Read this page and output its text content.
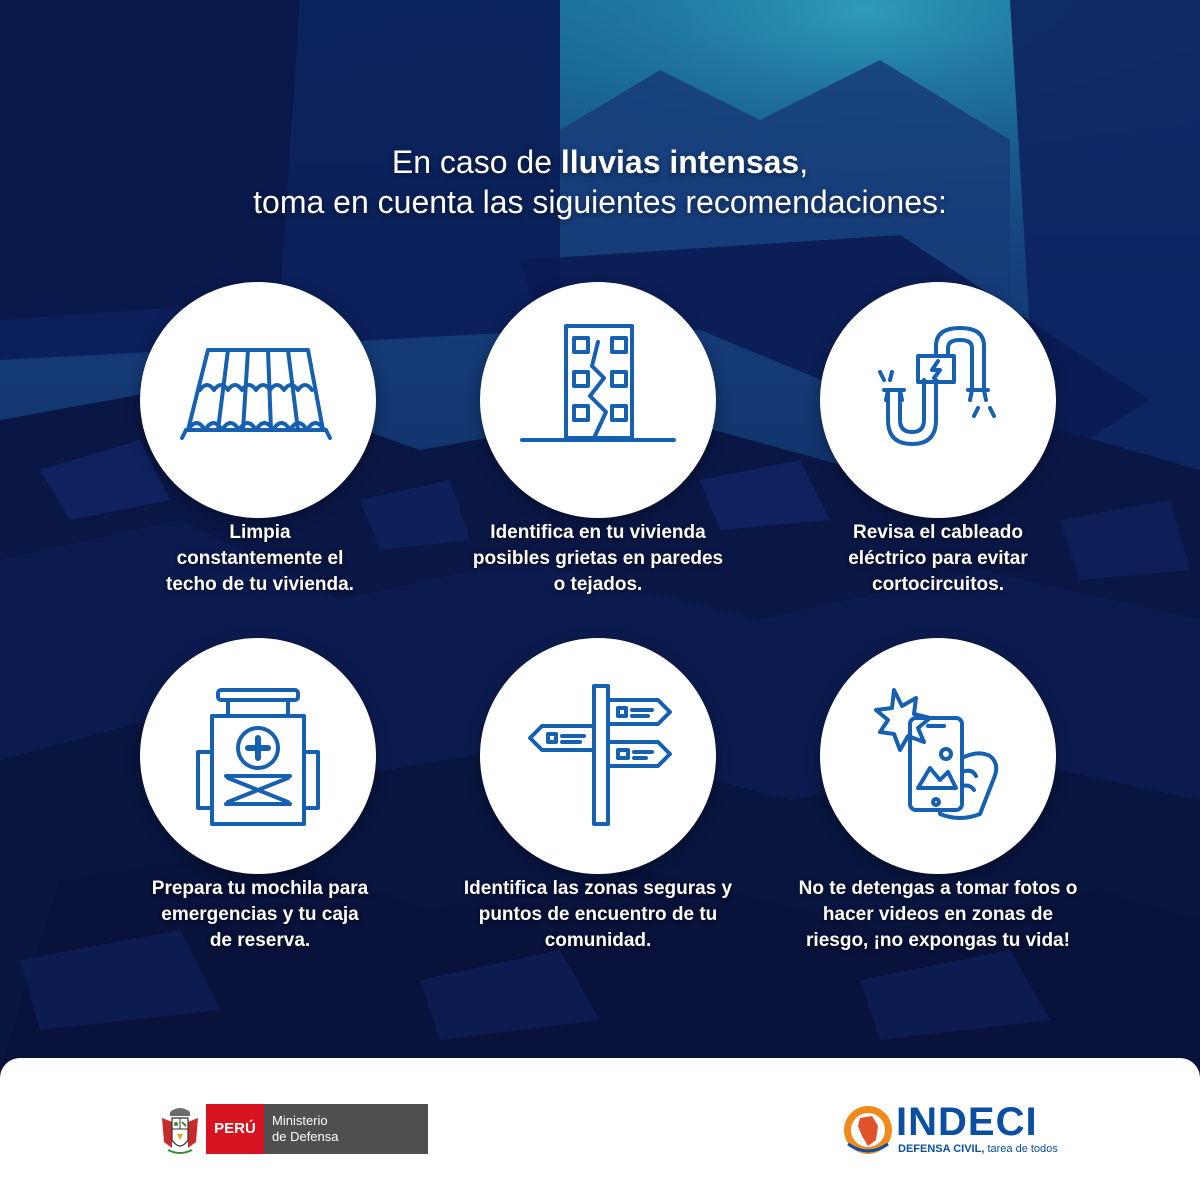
En caso de lluvias intensas,
toma en cuenta las siguientes recomendaciones:
Limpia
constantemente el
techo de tu vivienda.
Identifica en tu vivienda
posibles grietas en paredes
o tejados.
Revisa el cableado
eléctrico para evitar
cortocircuitos.
Prepara tu mochila para
emergencias y tu caja
de reserva.
Identifica las zonas seguras y
puntos de encuentro de tu
comunidad.
No te detengas a tomar fotos o
hacer videos en zonas de
riesgo, ¡no expongas tu vida!
PERÚ	Ministerio
de Defensa	INDECI
DEFENSA CIVIL, tarea de todos
